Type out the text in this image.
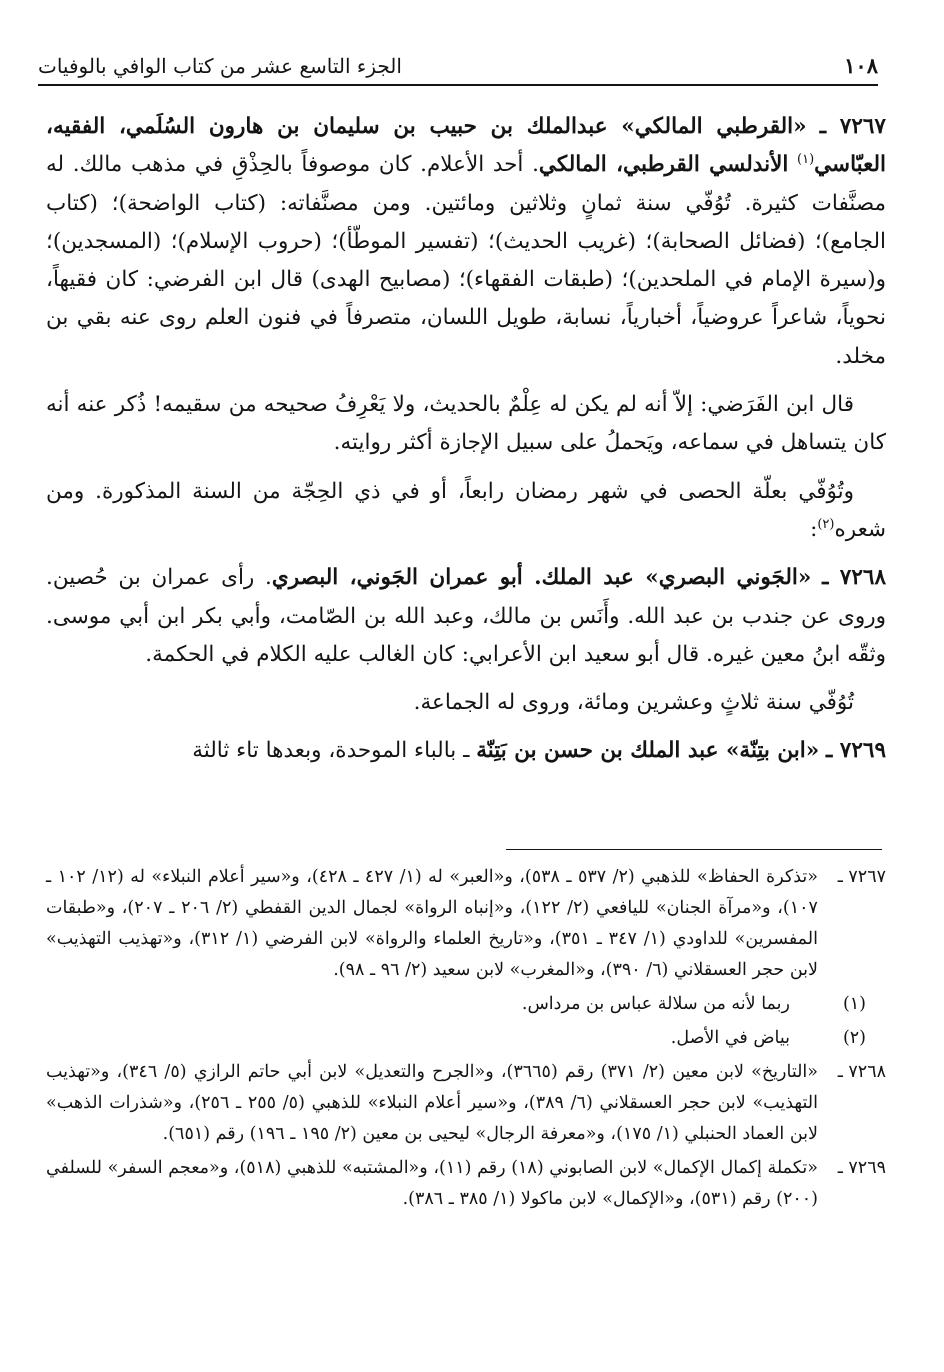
١٠٨
الجزء التاسع عشر من كتاب الوافي بالوفيات

٧٢٦٧ ـ «القرطبي المالكي» عبدالملك بن حبيب بن سليمان بن هارون السُلَمي، الفقيه، العبّاسي$^{(١)}$ الأندلسي القرطبي، المالكي. أحد الأعلام. كان موصوفاً بالحِذْقِ في مذهب مالك. له مصنَّفات كثيرة. تُوُفّي سنة ثمانٍ وثلاثين ومائتين. ومن مصنَّفاته: (كتاب الواضحة)؛ (كتاب الجامع)؛ (فضائل الصحابة)؛ (غريب الحديث)؛ (تفسير الموطّأ)؛ (حروب الإسلام)؛ (المسجدين)؛ و(سيرة الإمام في الملحدين)؛ (طبقات الفقهاء)؛ (مصابيح الهدى) قال ابن الفرضي: كان فقيهاً، نحوياً، شاعراً عروضياً، أخبارياً، نسابة، طويل اللسان، متصرفاً في فنون العلم روى عنه بقي بن مخلد.

قال ابن الفَرَضي: إلاّ أنه لم يكن له عِلْمٌ بالحديث، ولا يَعْرِفُ صحيحه من سقيمه! ذُكر عنه أنه كان يتساهل في سماعه، ويَحملُ على سبيل الإجازة أكثر روايته.

وتُوُفّي بعلّة الحصى في شهر رمضان رابعاً، أو في ذي الحِجّة من السنة المذكورة. ومن شعره$^{(٢)}$:

٧٢٦٨ ـ «الجَوني البصري» عبد الملك. أبو عمران الجَوني، البصري. رأى عمران بن حُصين. وروى عن جندب بن عبد الله. وأَنَس بن مالك، وعبد الله بن الصّامت، وأبي بكر ابن أبي موسى. وثقّه ابنُ معين غيره. قال أبو سعيد ابن الأعرابي: كان الغالب عليه الكلام في الحكمة.

تُوُفّي سنة ثلاثٍ وعشرين ومائة، وروى له الجماعة.

٧٢٦٩ ـ «ابن بتِنّة» عبد الملك بن حسن بن بَتِنّة ـ بالباء الموحدة، وبعدها تاء ثالثة

٧٢٦٧ ـ
«تذكرة الحفاظ» للذهبي (٢/ ٥٣٧ ـ ٥٣٨)، و«العبر» له (١/ ٤٢٧ ـ ٤٢٨)، و«سير أعلام النبلاء» له (١٢/ ١٠٢ ـ ١٠٧)، و«مرآة الجنان» لليافعي (٢/ ١٢٢)، و«إنباه الرواة» لجمال الدين القفطي (٢/ ٢٠٦ ـ ٢٠٧)، و«طبقات المفسرين» للداودي (١/ ٣٤٧ ـ ٣٥١)، و«تاريخ العلماء والرواة» لابن الفرضي (١/ ٣١٢)، و«تهذيب التهذيب» لابن حجر العسقلاني (٦/ ٣٩٠)، و«المغرب» لابن سعيد (٢/ ٩٦ ـ ٩٨).
(١)
ربما لأنه من سلالة عباس بن مرداس.
(٢)
بياض في الأصل.
٧٢٦٨ ـ
«التاريخ» لابن معين (٢/ ٣٧١) رقم (٣٦٦٥)، و«الجرح والتعديل» لابن أبي حاتم الرازي (٥/ ٣٤٦)، و«تهذيب التهذيب» لابن حجر العسقلاني (٦/ ٣٨٩)، و«سير أعلام النبلاء» للذهبي (٥/ ٢٥٥ ـ ٢٥٦)، و«شذرات الذهب» لابن العماد الحنبلي (١/ ١٧٥)، و«معرفة الرجال» ليحيى بن معين (٢/ ١٩٥ ـ ١٩٦) رقم (٦٥١).
٧٢٦٩ ـ
«تكملة إكمال الإكمال» لابن الصابوني (١٨) رقم (١١)، و«المشتبه» للذهبي (٥١٨)، و«معجم السفر» للسلفي (٢٠٠) رقم (٥٣١)، و«الإكمال» لابن ماكولا (١/ ٣٨٥ ـ ٣٨٦).
